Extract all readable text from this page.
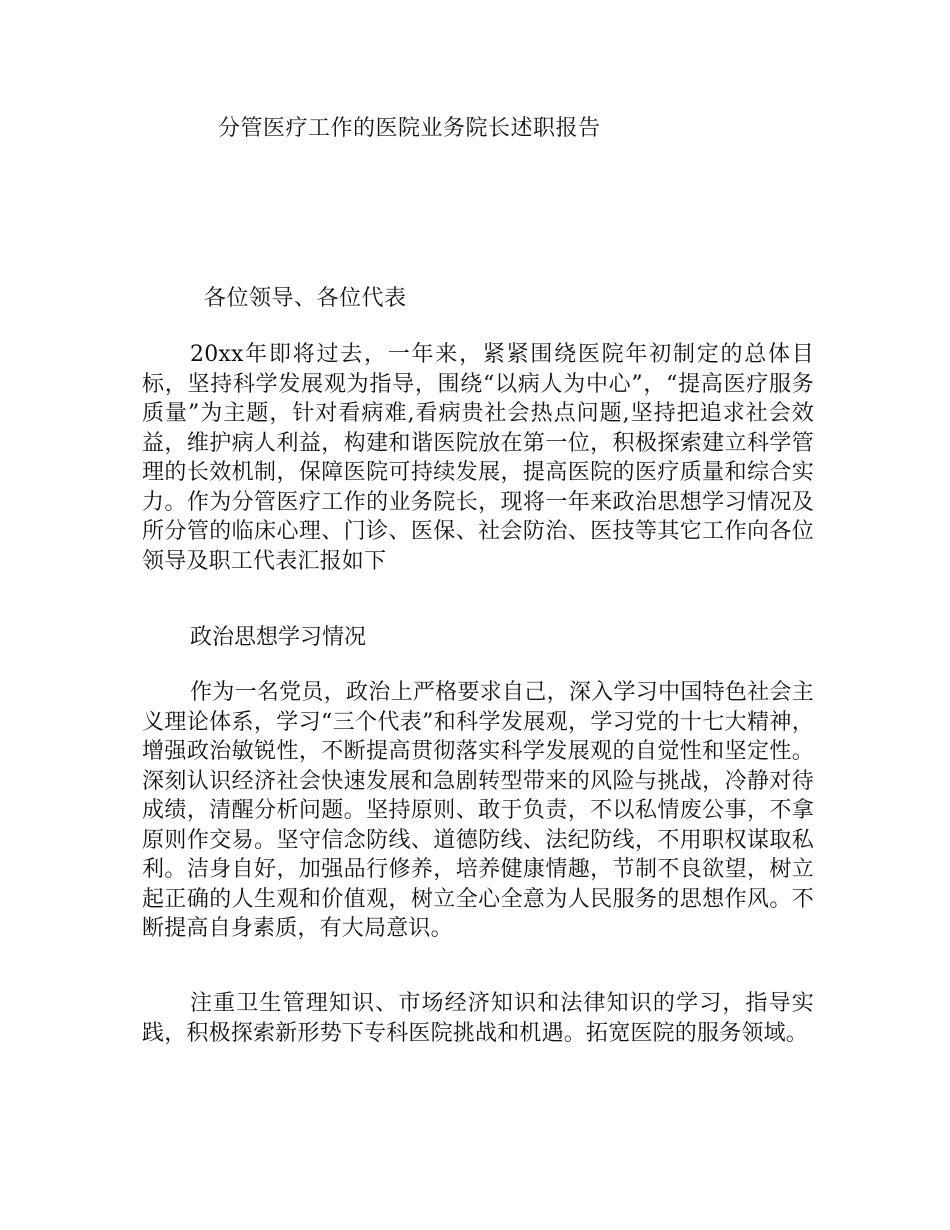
分管医疗工作的医院业务院长述职报告
各位领导、各位代表

20xx年即将过去，一年来，紧紧围绕医院年初制定的总体目标，坚持科学发展观为指导，围绕“以病人为中心”，“提高医疗服务质量”为主题，针对看病难,看病贵社会热点问题,坚持把追求社会效益，维护病人利益，构建和谐医院放在第一位，积极探索建立科学管理的长效机制，保障医院可持续发展，提高医院的医疗质量和综合实力。作为分管医疗工作的业务院长，现将一年来政治思想学习情况及所分管的临床心理、门诊、医保、社会防治、医技等其它工作向各位领导及职工代表汇报如下

政治思想学习情况

作为一名党员，政治上严格要求自己，深入学习中国特色社会主义理论体系，学习“三个代表”和科学发展观，学习党的十七大精神，增强政治敏锐性，不断提高贯彻落实科学发展观的自觉性和坚定性。深刻认识经济社会快速发展和急剧转型带来的风险与挑战，冷静对待成绩，清醒分析问题。坚持原则、敢于负责，不以私情废公事，不拿原则作交易。坚守信念防线、道德防线、法纪防线，不用职权谋取私利。洁身自好，加强品行修养，培养健康情趣，节制不良欲望，树立起正确的人生观和价值观，树立全心全意为人民服务的思想作风。不断提高自身素质，有大局意识。

注重卫生管理知识、市场经济知识和法律知识的学习，指导实践，积极探索新形势下专科医院挑战和机遇。拓宽医院的服务领域。
